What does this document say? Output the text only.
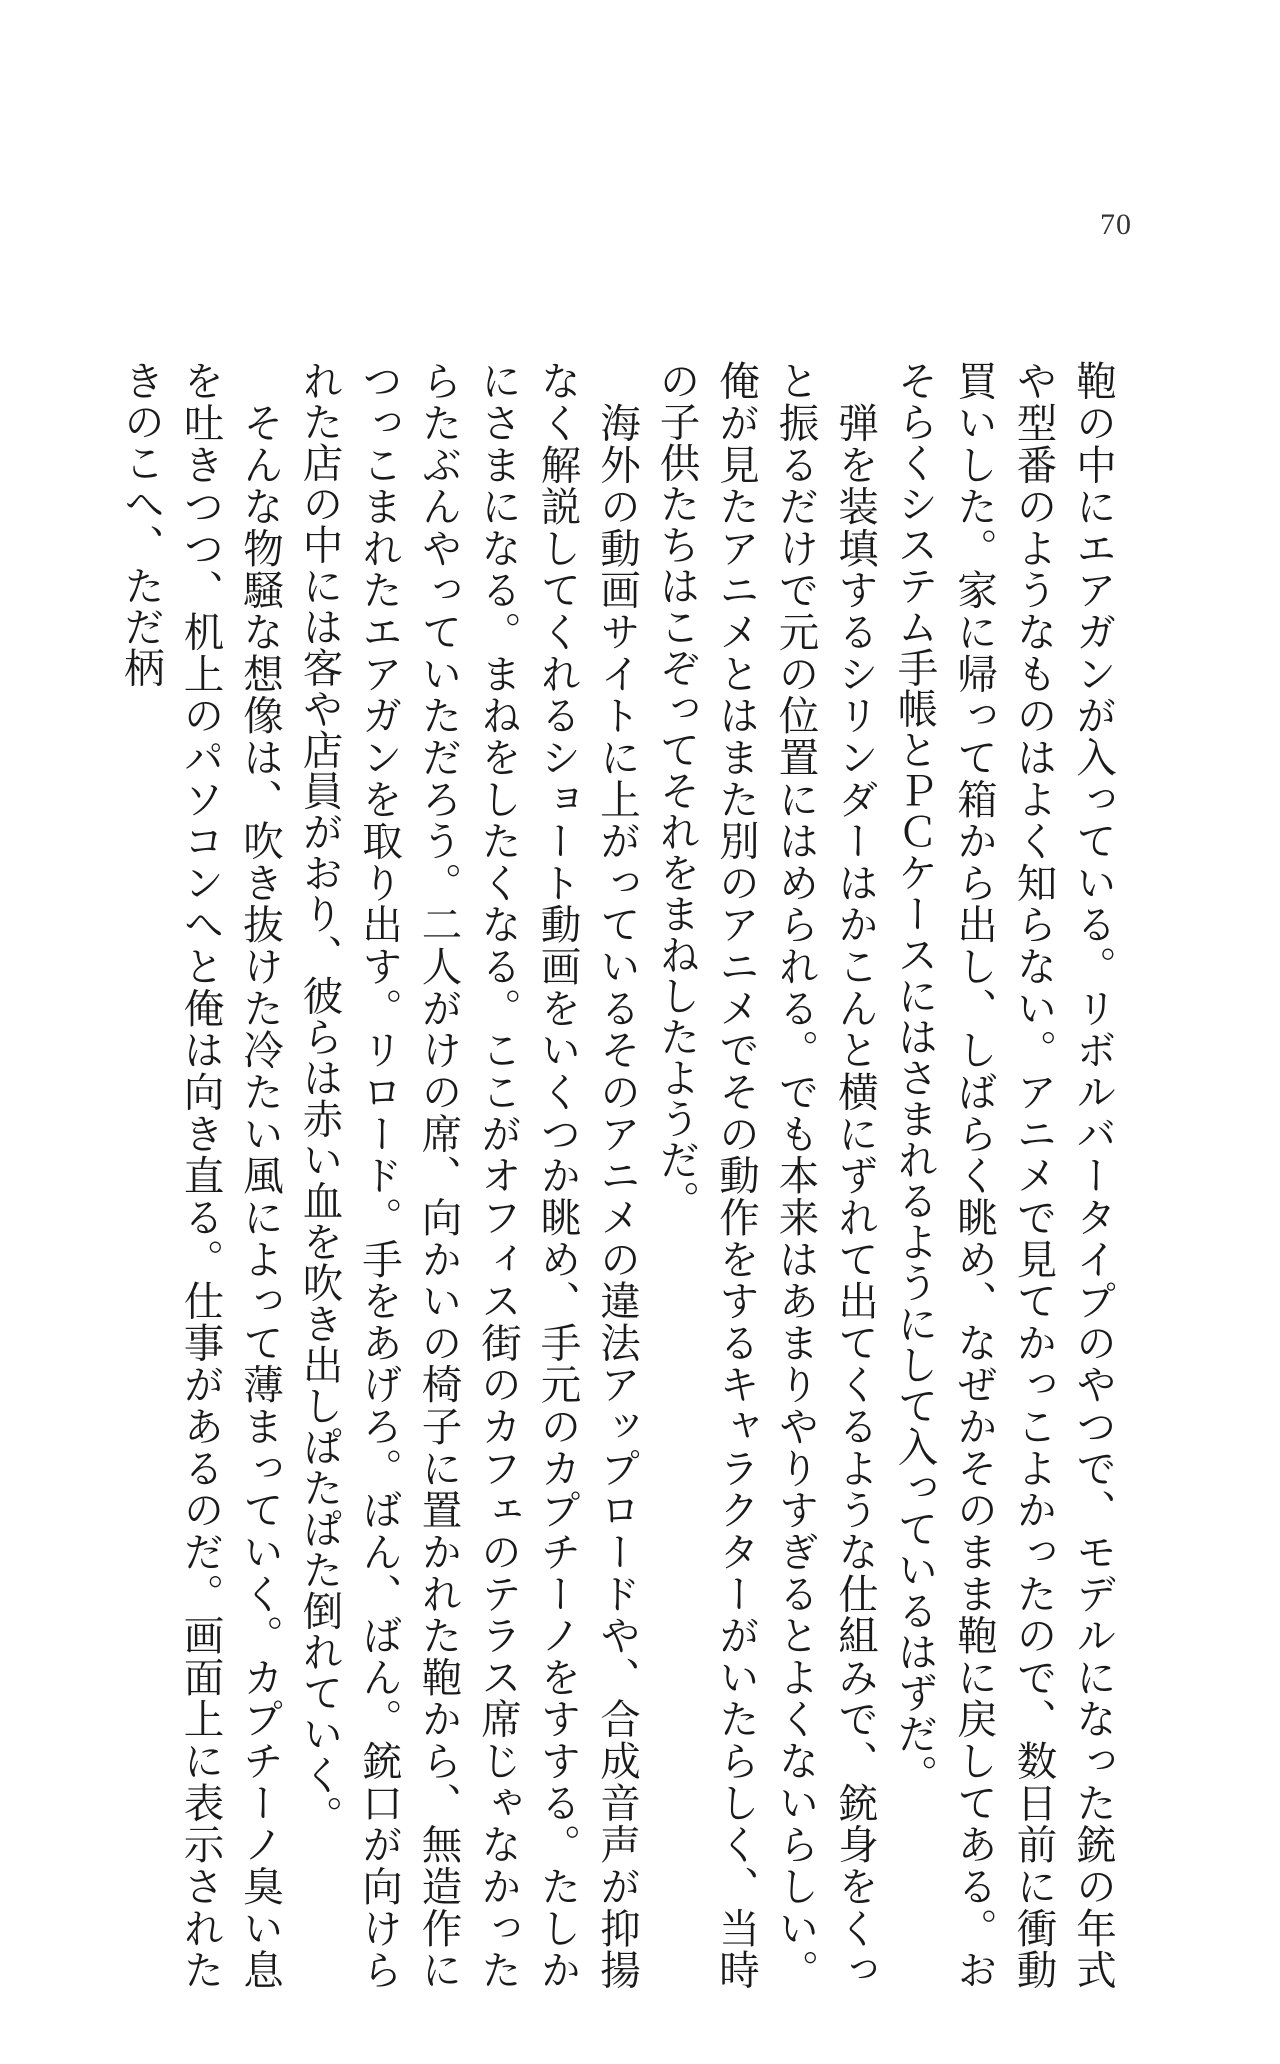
70

鞄の中にエアガンが入っている。リボルバータイプのやつで、モデルになった銃の年式や型番のようなものはよく知らない。アニメで見てかっこよかったので、数日前に衝動買いした。家に帰って箱から出し、しばらく眺め、なぜかそのまま鞄に戻してある。おそらくシステム手帳とＰＣケースにはさまれるようにして入っているはずだ。

　弾を装填するシリンダーはかこんと横にずれて出てくるような仕組みで、銃身をくっと振るだけで元の位置にはめられる。でも本来はあまりやりすぎるとよくないらしい。俺が見たアニメとはまた別のアニメでその動作をするキャラクターがいたらしく、当時の子供たちはこぞってそれをまねしたようだ。

　海外の動画サイトに上がっているそのアニメの違法アップロードや、合成音声が抑揚なく解説してくれるショート動画をいくつか眺め、手元のカプチーノをすする。たしかにさまになる。まねをしたくなる。ここがオフィス街のカフェのテラス席じゃなかったらたぶんやっていただろう。二人がけの席、向かいの椅子に置かれた鞄から、無造作につっこまれたエアガンを取り出す。リロード。手をあげろ。ばん、ばん。銃口が向けられた店の中には客や店員がおり、彼らは赤い血を吹き出しぱたぱた倒れていく。

　そんな物騒な想像は、吹き抜けた冷たい風によって薄まっていく。カプチーノ臭い息を吐きつつ、机上のパソコンへと俺は向き直る。仕事があるのだ。画面上に表示されたきのこへ、ただ柄
